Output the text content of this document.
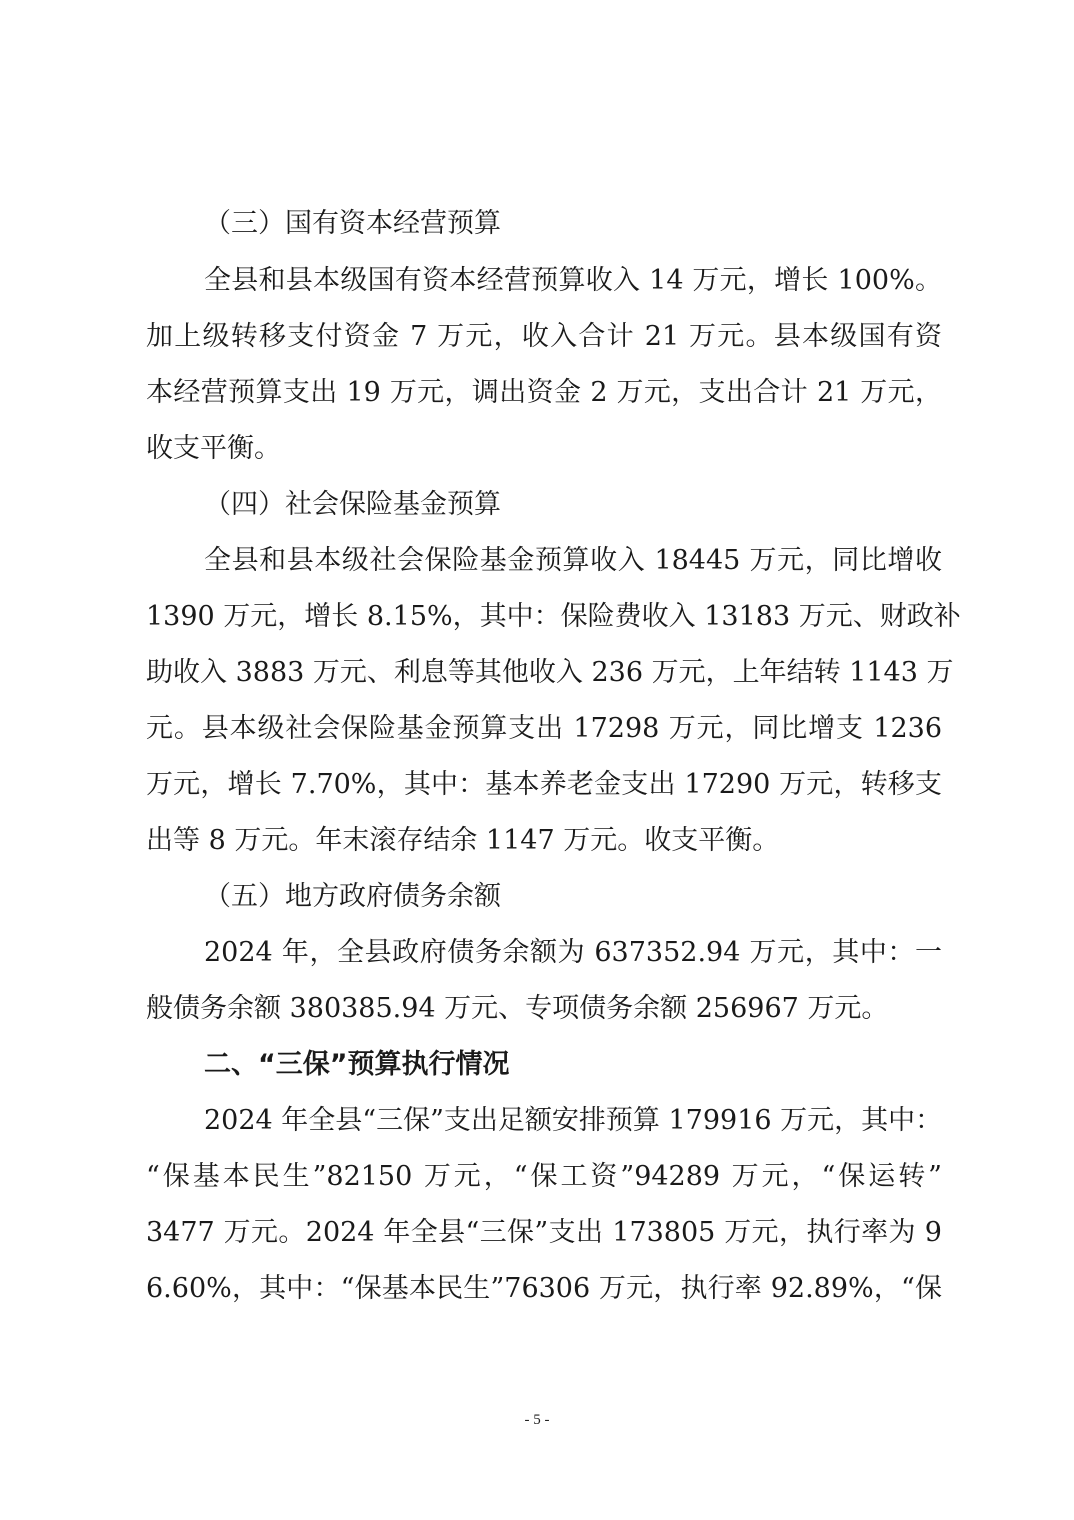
（三）国有资本经营预算
全县和县本级国有资本经营预算收入 14 万元，增长 100%。
加上级转移支付资金 7 万元，收入合计 21 万元。县本级国有资
本经营预算支出 19 万元，调出资金 2 万元，支出合计 21 万元，
收支平衡。
（四）社会保险基金预算
全县和县本级社会保险基金预算收入 18445 万元，同比增收
1390 万元，增长 8.15%，其中：保险费收入 13183 万元、财政补
助收入 3883 万元、利息等其他收入 236 万元，上年结转 1143 万
元。县本级社会保险基金预算支出 17298 万元，同比增支 1236
万元，增长 7.70%，其中：基本养老金支出 17290 万元，转移支
出等 8 万元。年末滚存结余 1147 万元。收支平衡。
（五）地方政府债务余额
2024 年，全县政府债务余额为 637352.94 万元，其中：一
般债务余额 380385.94 万元、专项债务余额 256967 万元。
二、“三保”预算执行情况
2024 年全县“三保”支出足额安排预算 179916 万元，其中：
“保基本民生”82150 万元，“保工资”94289 万元，“保运转”
3477 万元。2024 年全县“三保”支出 173805 万元，执行率为 9
6.60%，其中：“保基本民生”76306 万元，执行率 92.89%，“保
- 5 -
